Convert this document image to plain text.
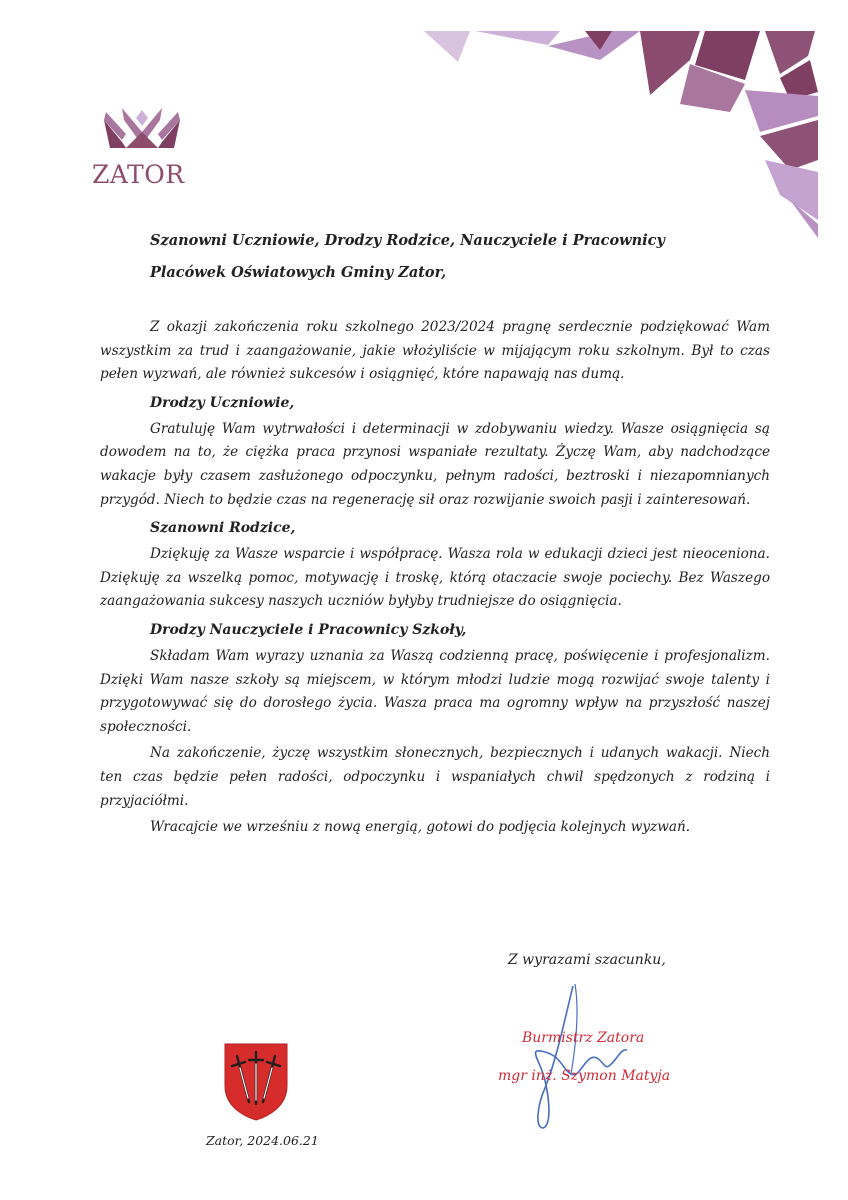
ZATOR
Szanowni Uczniowie, Drodzy Rodzice, Nauczyciele i Pracownicy
Placówek Oświatowych Gminy Zator,

Z okazji zakończenia roku szkolnego 2023/2024 pragnę serdecznie podziękować Wam wszystkim za trud i zaangażowanie, jakie włożyliście w mijającym roku szkolnym. Był to czas pełen wyzwań, ale również sukcesów i osiągnięć, które napawają nas dumą.

Drodzy Uczniowie,

Gratuluję Wam wytrwałości i determinacji w zdobywaniu wiedzy. Wasze osiągnięcia są dowodem na to, że ciężka praca przynosi wspaniałe rezultaty. Życzę Wam, aby nadchodzące wakacje były czasem zasłużonego odpoczynku, pełnym radości, beztroski i niezapomnianych przygód. Niech to będzie czas na regenerację sił oraz rozwijanie swoich pasji i zainteresowań.

Szanowni Rodzice,

Dziękuję za Wasze wsparcie i współpracę. Wasza rola w edukacji dzieci jest nieoceniona. Dziękuję za wszelką pomoc, motywację i troskę, którą otaczacie swoje pociechy. Bez Waszego zaangażowania sukcesy naszych uczniów byłyby trudniejsze do osiągnięcia.

Drodzy Nauczyciele i Pracownicy Szkoły,

Składam Wam wyrazy uznania za Waszą codzienną pracę, poświęcenie i profesjonalizm. Dzięki Wam nasze szkoły są miejscem, w którym młodzi ludzie mogą rozwijać swoje talenty i przygotowywać się do dorosłego życia. Wasza praca ma ogromny wpływ na przyszłość naszej społeczności.

Na zakończenie, życzę wszystkim słonecznych, bezpiecznych i udanych wakacji. Niech ten czas będzie pełen radości, odpoczynku i wspaniałych chwil spędzonych z rodziną i przyjaciółmi.

Wracajcie we wrześniu z nową energią, gotowi do podjęcia kolejnych wyzwań.

Z wyrazami szacunku,
Burmistrz Zatora
mgr inż. Szymon Matyja
Zator, 2024.06.21
